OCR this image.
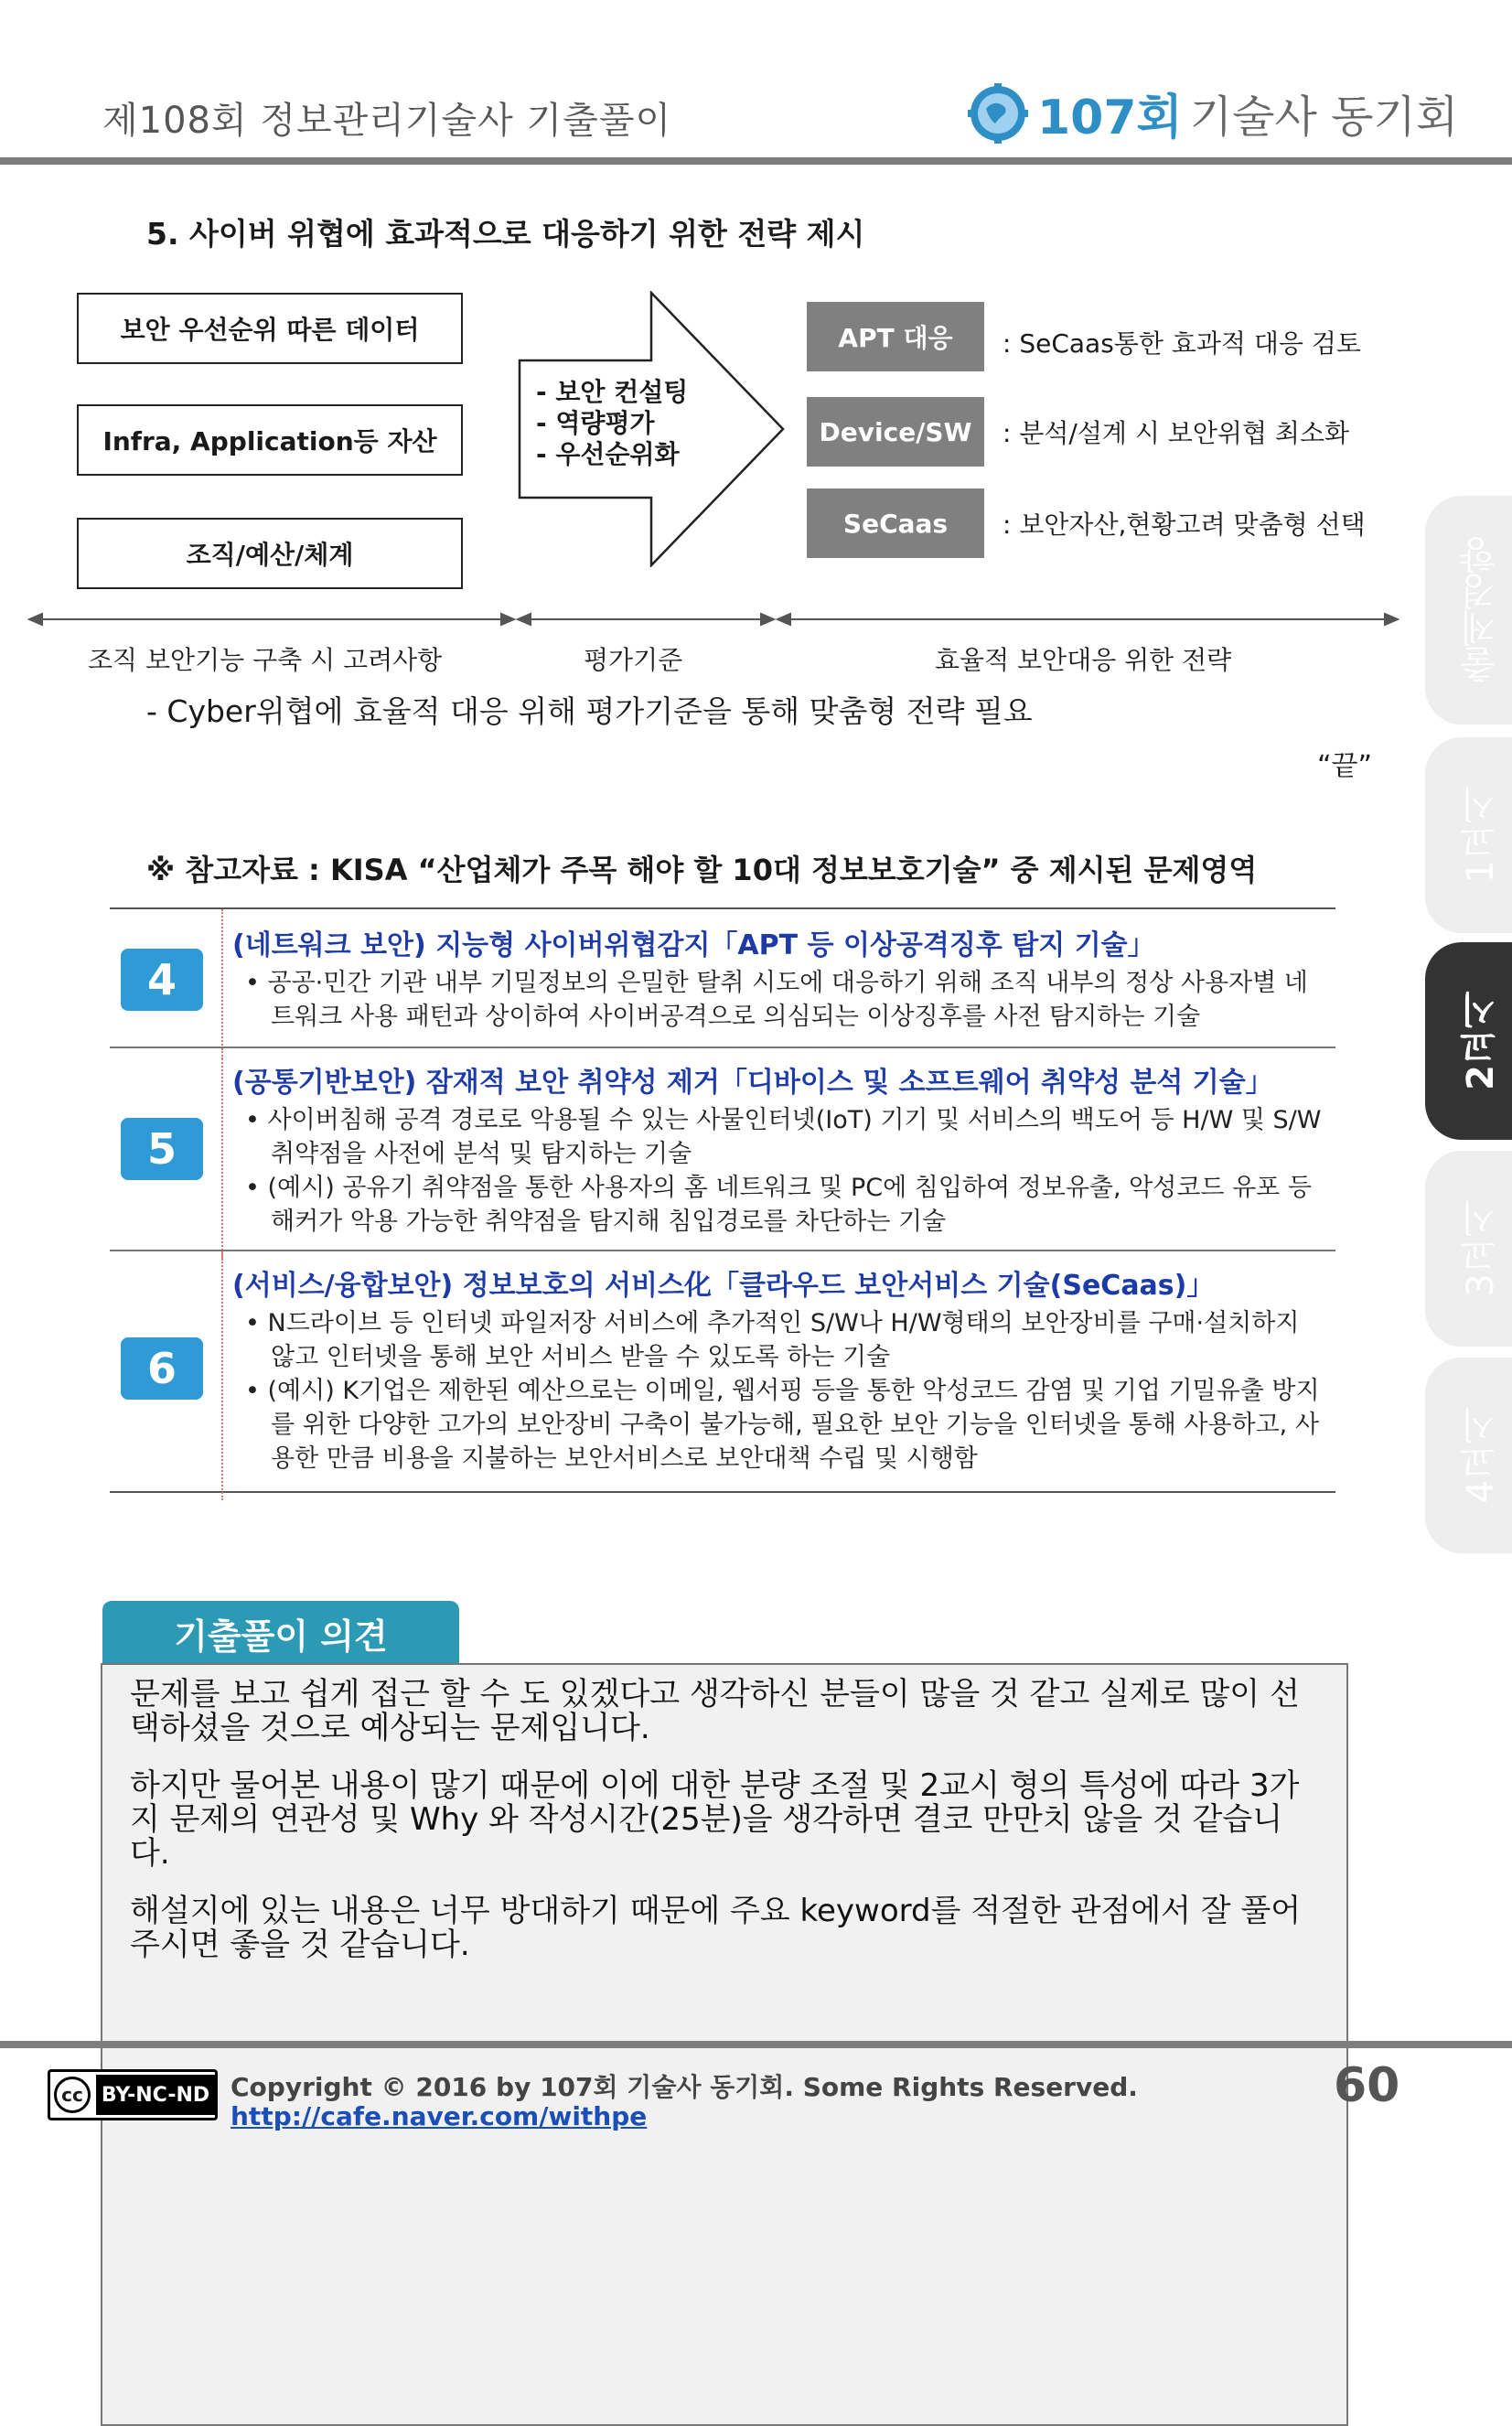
제108회 정보관리기술사 기출풀이	107회 기술사 동기회
5. 사이버 위협에 효과적으로 대응하기 위한 전략 제시
보안 우선순위 따른 데이터
Infra, Application등 자산
조직/예산/체계
- 보안 컨설팅
- 역량평가
- 우선순위화
APT 대응
Device/SW
SeCaas
: SeCaas통한 효과적 대응 검토
: 분석/설계 시 보안위협 최소화
: 보안자산,현황고려 맞춤형 선택
조직 보안기능 구축 시 고려사항	평가기준	효율적 보안대응 위한 전략
- Cyber위협에 효율적 대응 위해 평가기준을 통해 맞춤형 전략 필요
“끝”
※ 참고자료 : KISA “산업체가 주목 해야 할 10대 정보보호기술” 중 제시된 문제영역
4
(네트워크 보안) 지능형 사이버위협감지「APT 등 이상공격징후 탐지 기술」
• 공공·민간 기관 내부 기밀정보의 은밀한 탈취 시도에 대응하기 위해 조직 내부의 정상 사용자별 네트워크 사용 패턴과 상이하여 사이버공격으로 의심되는 이상징후를 사전 탐지하는 기술
5
(공통기반보안) 잠재적 보안 취약성 제거「디바이스 및 소프트웨어 취약성 분석 기술」
• 사이버침해 공격 경로로 악용될 수 있는 사물인터넷(IoT) 기기 및 서비스의 백도어 등 H/W 및 S/W 취약점을 사전에 분석 및 탐지하는 기술
• (예시) 공유기 취약점을 통한 사용자의 홈 네트워크 및 PC에 침입하여 정보유출, 악성코드 유포 등 해커가 악용 가능한 취약점을 탐지해 침입경로를 차단하는 기술
6
(서비스/융합보안) 정보보호의 서비스化「클라우드 보안서비스 기술(SeCaas)」
• N드라이브 등 인터넷 파일저장 서비스에 추가적인 S/W나 H/W형태의 보안장비를 구매·설치하지 않고 인터넷을 통해 보안 서비스 받을 수 있도록 하는 기술
• (예시) K기업은 제한된 예산으로는 이메일, 웹서핑 등을 통한 악성코드 감염 및 기업 기밀유출 방지를 위한 다양한 고가의 보안장비 구축이 불가능해, 필요한 보안 기능을 인터넷을 통해 사용하고, 사용한 만큼 비용을 지불하는 보안서비스로 보안대책 수립 및 시행함
기출풀이 의견

문제를 보고 쉽게 접근 할 수 도 있겠다고 생각하신 분들이 많을 것 같고 실제로 많이 선택하셨을 것으로 예상되는 문제입니다.

하지만 물어본 내용이 많기 때문에 이에 대한 분량 조절 및 2교시 형의 특성에 따라 3가지 문제의 연관성 및 Why 와 작성시간(25분)을 생각하면 결코 만만치 않을 것 같습니다.

해설지에 있는 내용은 너무 방대하기 때문에 주요 keyword를 적절한 관점에서 잘 풀어주시면 좋을 것 같습니다.

출제경향
1교시
2교시
3교시
4교시
cc BY-NC-ND Copyright © 2016 by 107회 기술사 동기회. Some Rights Reserved.
http://cafe.naver.com/withpe
60
